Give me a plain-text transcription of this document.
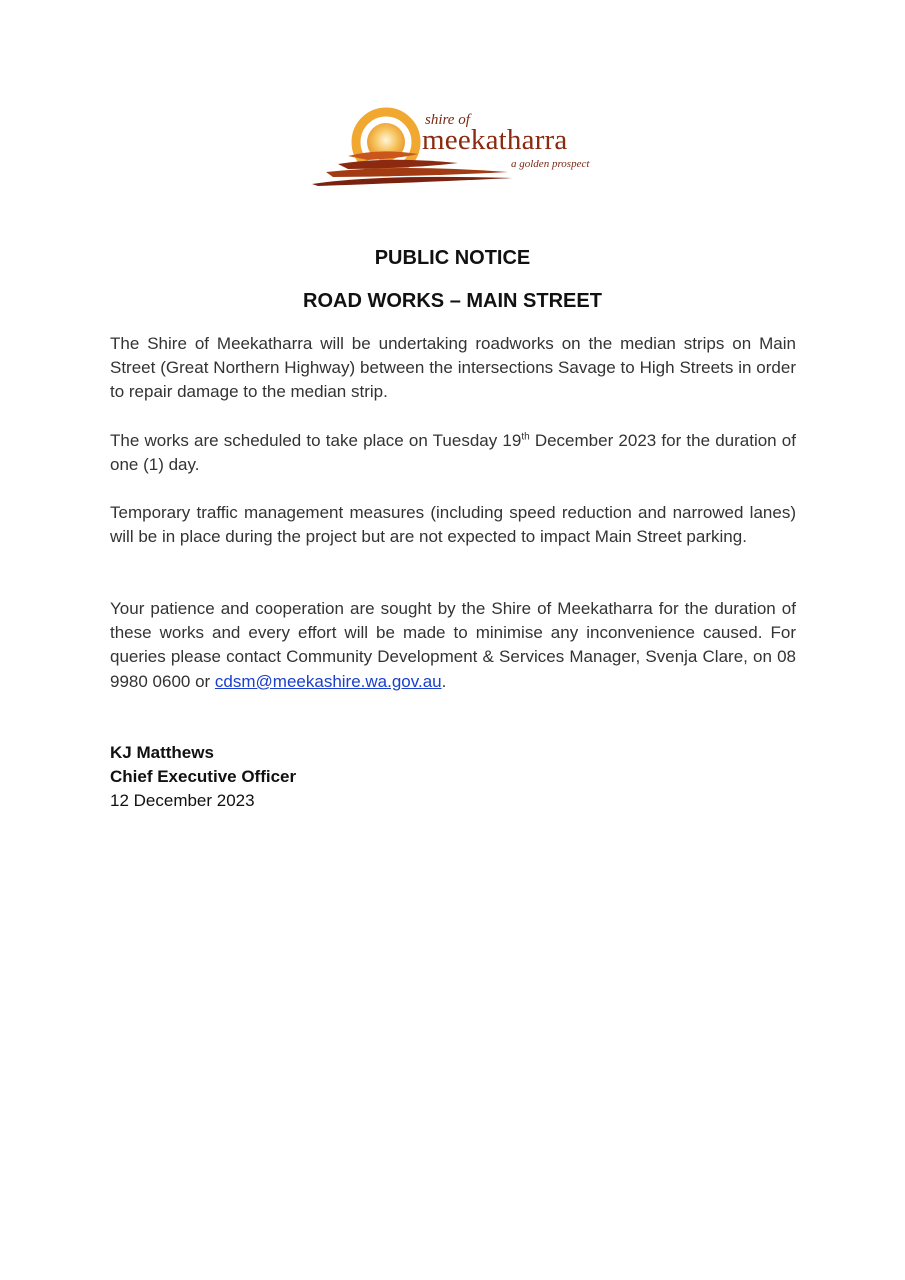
shire of
meekatharra
a golden prospect
PUBLIC NOTICE
ROAD WORKS – MAIN STREET

The Shire of Meekatharra will be undertaking roadworks on the median strips on Main Street (Great Northern Highway) between the intersections Savage to High Streets in order to repair damage to the median strip.

The works are scheduled to take place on Tuesday 19th December 2023 for the duration of one (1) day.

Temporary traffic management measures (including speed reduction and narrowed lanes) will be in place during the project but are not expected to impact Main Street parking.

Your patience and cooperation are sought by the Shire of Meekatharra for the duration of these works and every effort will be made to minimise any inconvenience caused. For queries please contact Community Development & Services Manager, Svenja Clare, on 08 9980 0600 or cdsm@meekashire.wa.gov.au.

KJ Matthews
Chief Executive Officer
12 December 2023
